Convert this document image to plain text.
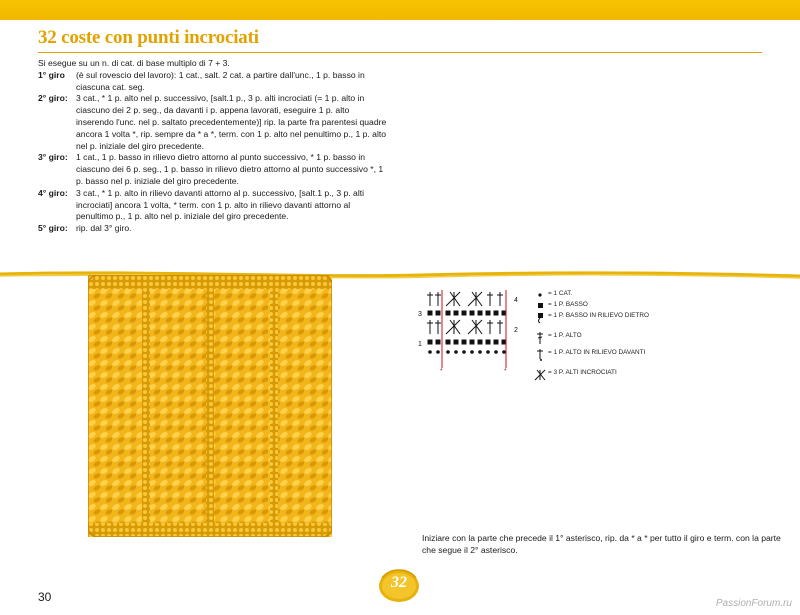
32 coste con punti incrociati

Si esegue su un n. di cat. di base multiplo di 7 + 3.

1° giro (è sul rovescio del lavoro): 1 cat., salt. 2 cat. a partire dall'unc., 1 p. basso in ciascuna cat. seg.
2° giro: 3 cat., * 1 p. alto nel p. successivo, [salt.1 p., 3 p. alti incrociati (= 1 p. alto in ciascuno dei 2 p. seg., da davanti i p. appena lavorati, eseguire 1 p. alto inserendo l'unc. nel p. saltato precedentemente)] rip. la parte fra parentesi quadre ancora 1 volta *, rip. sempre da * a *, term. con 1 p. alto nel penultimo p., 1 p. alto nel p. iniziale del giro precedente.
3° giro: 1 cat., 1 p. basso in rilievo dietro attorno al punto successivo, * 1 p. basso in ciascuno dei 6 p. seg., 1 p. basso in rilievo dietro attorno al punto successivo *, 1 p. basso nel p. iniziale del giro precedente.
4° giro: 3 cat., * 1 p. alto in rilievo davanti attorno al p. successivo, [salt.1 p., 3 p. alti incrociati] ancora 1 volta, * term. con 1 p. alto in rilievo davanti attorno al penultimo p., 1 p. alto nel p. iniziale del giro precedente.
5° giro: rip. dal 3° giro.
*	*
4
3
2
1
= 1 CAT.
= 1 P. BASSO
= 1 P. BASSO IN RILIEVO DIETRO
= 1 P. ALTO
= 1 P. ALTO IN RILIEVO DAVANTI
= 3 P. ALTI INCROCIATI

Iniziare con la parte che precede il 1° asterisco, rip. da * a * per tutto il giro e term. con la parte che segue il 2° asterisco.

30
32
PassionForum.ru
